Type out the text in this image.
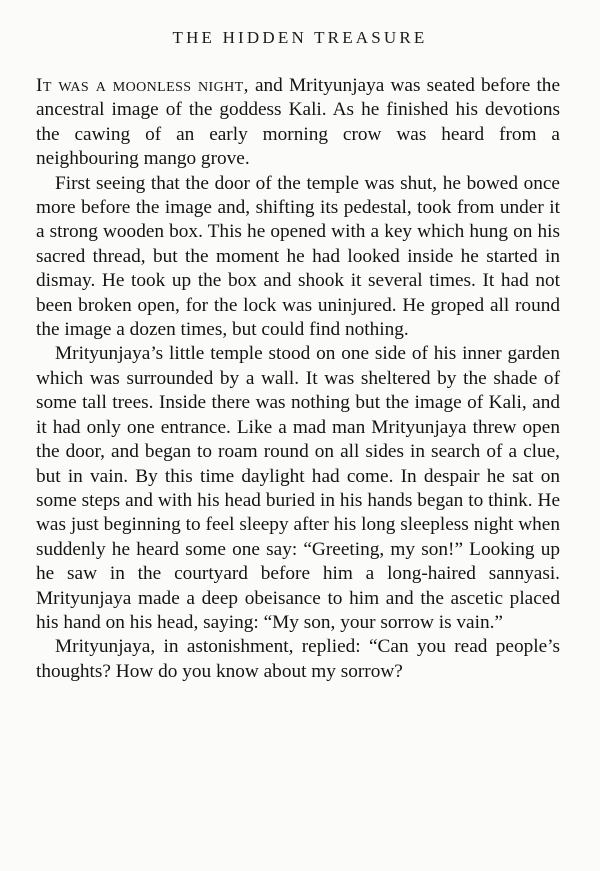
THE HIDDEN TREASURE

It was a moonless night, and Mrityunjaya was seated before the ancestral image of the goddess Kali. As he finished his devotions the cawing of an early morning crow was heard from a neighbouring mango grove.

First seeing that the door of the temple was shut, he bowed once more before the image and, shifting its pedestal, took from under it a strong wooden box. This he opened with a key which hung on his sacred thread, but the moment he had looked inside he started in dismay. He took up the box and shook it several times. It had not been broken open, for the lock was uninjured. He groped all round the image a dozen times, but could find nothing.

Mrityunjaya’s little temple stood on one side of his inner garden which was surrounded by a wall. It was sheltered by the shade of some tall trees. Inside there was nothing but the image of Kali, and it had only one entrance. Like a mad man Mrityunjaya threw open the door, and began to roam round on all sides in search of a clue, but in vain. By this time daylight had come. In despair he sat on some steps and with his head buried in his hands began to think. He was just beginning to feel sleepy after his long sleepless night when suddenly he heard some one say: “Greeting, my son!” Looking up he saw in the courtyard before him a long-haired sannyasi. Mrityunjaya made a deep obeisance to him and the ascetic placed his hand on his head, saying: “My son, your sorrow is vain.”

Mrityunjaya, in astonishment, replied: “Can you read people’s thoughts? How do you know about my sorrow?
